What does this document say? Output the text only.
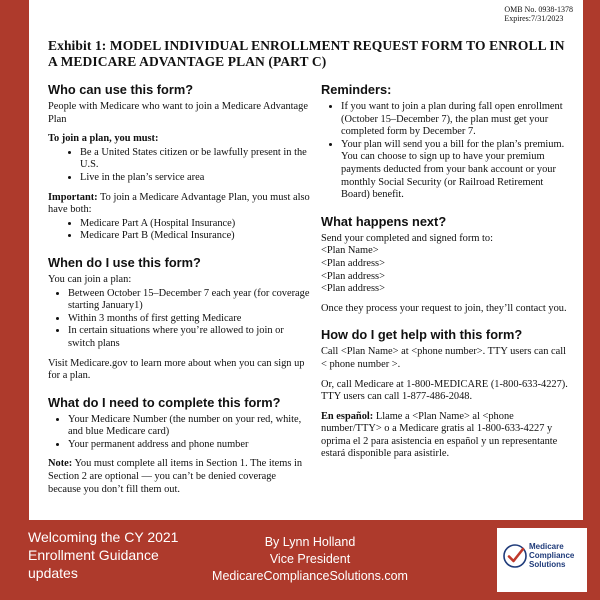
OMB No. 0938-1378
Expires:7/31/2023
Exhibit 1: MODEL INDIVIDUAL ENROLLMENT REQUEST FORM TO ENROLL IN A MEDICARE ADVANTAGE PLAN (PART C)
Who can use this form?

People with Medicare who want to join a Medicare Advantage Plan

To join a plan, you must:

• Be a United States citizen or be lawfully present in the U.S.
• Live in the plan’s service area

Important: To join a Medicare Advantage Plan, you must also have both:

• Medicare Part A (Hospital Insurance)
• Medicare Part B (Medical Insurance)
When do I use this form?

You can join a plan:

• Between October 15–December 7 each year (for coverage starting January1)
• Within 3 months of first getting Medicare
• In certain situations where you’re allowed to join or switch plans

Visit Medicare.gov to learn more about when you can sign up for a plan.

What do I need to complete this form?
• Your Medicare Number (the number on your red, white, and blue Medicare card)
• Your permanent address and phone number

Note: You must complete all items in Section 1. The items in Section 2 are optional — you can’t be denied coverage because you don’t fill them out.

Reminders:
• If you want to join a plan during fall open enrollment (October 15–December 7), the plan must get your completed form by December 7.
• Your plan will send you a bill for the plan’s premium. You can choose to sign up to have your premium payments deducted from your bank account or your monthly Social Security (or Railroad Retirement Board) benefit.
What happens next?

Send your completed and signed form to:

<Plan Name>

<Plan address>

<Plan address>

<Plan address>

Once they process your request to join, they’ll contact you.

How do I get help with this form?

Call <Plan Name> at <phone number>. TTY users can call < phone number >.

Or, call Medicare at 1-800-MEDICARE (1-800-633-4227). TTY users can call 1-877-486-2048.

En español: Llame a <Plan Name> al <phone number/TTY> o a Medicare gratis al 1-800-633-4227 y oprima el 2 para asistencia en español y un representante estará disponible para asistirle.

Welcoming the CY 2021 Enrollment Guidance updates
By Lynn Holland
Vice President
MedicareComplianceSolutions.com
Medicare
Compliance
Solutions
